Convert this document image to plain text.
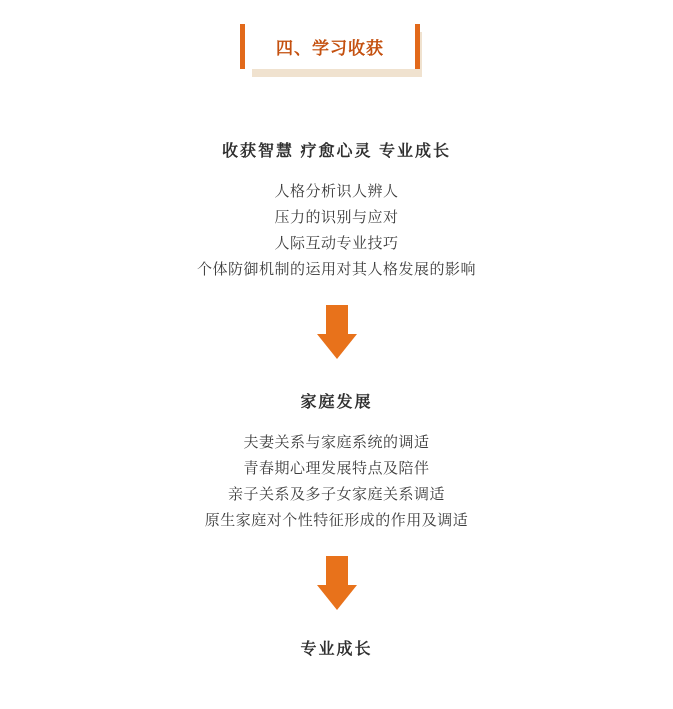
四、学习收获
收获智慧 疗愈心灵 专业成长
人格分析识人辨人
压力的识别与应对
人际互动专业技巧
个体防御机制的运用对其人格发展的影响
家庭发展
夫妻关系与家庭系统的调适
青春期心理发展特点及陪伴
亲子关系及多子女家庭关系调适
原生家庭对个性特征形成的作用及调适
专业成长
